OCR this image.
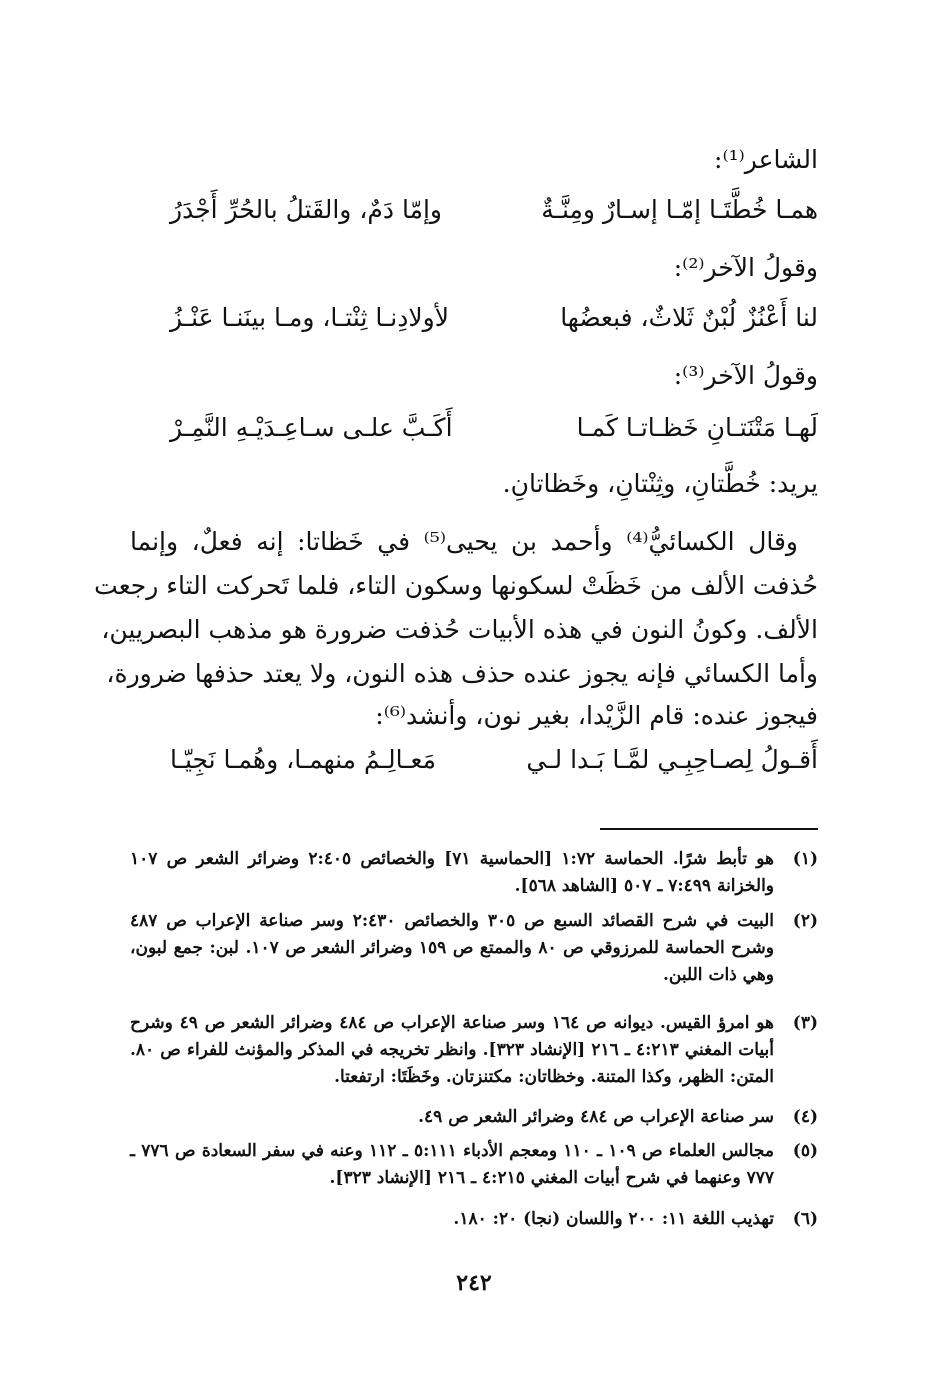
الشاعر⁽¹⁾:
همـا خُطَّتَـا إمّـا إسـارٌ ومِنَّـةٌ
وإمّا دَمٌ، والقَتلُ بالحُرِّ أَجْدَرُ
وقولُ الآخر⁽²⁾:
لنا أَعْنُزٌ لُبْنٌ ثَلاثٌ، فبعضُها
لأولادِنـا ثِنْتـا، ومـا بينَنـا عَنْـزُ
وقولُ الآخر⁽³⁾:
لَهـا مَتْنَتـانِ خَظـاتـا كَمـا
أَكَـبَّ علـى سـاعِـدَيْـهِ النَّمِـرْ
يريد: خُطَّتانِ، وثِنْتانِ، وخَظاتانِ.
وقال الكسائيُّ⁽⁴⁾ وأحمد بن يحيى⁽⁵⁾ في خَظاتا: إنه فعلٌ، وإنما
حُذفت الألف من خَظَتْ لسكونها وسكون التاء، فلما تَحركت التاء رجعت
الألف. وكونُ النون في هذه الأبيات حُذفت ضرورة هو مذهب البصريين،
وأما الكسائي فإنه يجوز عنده حذف هذه النون، ولا يعتد حذفها ضرورة،
فيجوز عنده: قام الزَّيْدا، بغير نون، وأنشد⁽⁶⁾:
أَقـولُ لِصـاحِبِـي لمَّـا بَـدا لـي
مَعـالِـمُ منهمـا، وهُمـا نَجِيّـا
(١)
هو تأبط شرًا. الحماسة ١:٧٢ [الحماسية ٧١] والخصائص ٢:٤٠٥ وضرائر الشعر ص ١٠٧ والخزانة ٧:٤٩٩ ـ ٥٠٧ [الشاهد ٥٦٨].
(٢)
البيت في شرح القصائد السبع ص ٣٠٥ والخصائص ٢:٤٣٠ وسر صناعة الإعراب ص ٤٨٧ وشرح الحماسة للمرزوقي ص ٨٠ والممتع ص ١٥٩ وضرائر الشعر ص ١٠٧. لبن: جمع لبون، وهي ذات اللبن.
(٣)
هو امرؤ القيس. ديوانه ص ١٦٤ وسر صناعة الإعراب ص ٤٨٤ وضرائر الشعر ص ٤٩ وشرح أبيات المغني ٤:٢١٣ ـ ٢١٦ [الإنشاد ٣٢٣]. وانظر تخريجه في المذكر والمؤنث للفراء ص ٨٠. المتن: الظهر، وكذا المتنة. وخظاتان: مكتنزتان. وخَظَتَا: ارتفعتا.
(٤)
سر صناعة الإعراب ص ٤٨٤ وضرائر الشعر ص ٤٩.
(٥)
مجالس العلماء ص ١٠٩ ـ ١١٠ ومعجم الأدباء ٥:١١١ ـ ١١٢ وعنه في سفر السعادة ص ٧٧٦ ـ ٧٧٧ وعنهما في شرح أبيات المغني ٤:٢١٥ ـ ٢١٦ [الإنشاد ٣٢٣].
(٦)
تهذيب اللغة ١١: ٢٠٠ واللسان (نجا) ٢٠: ١٨٠.
٢٤٢
